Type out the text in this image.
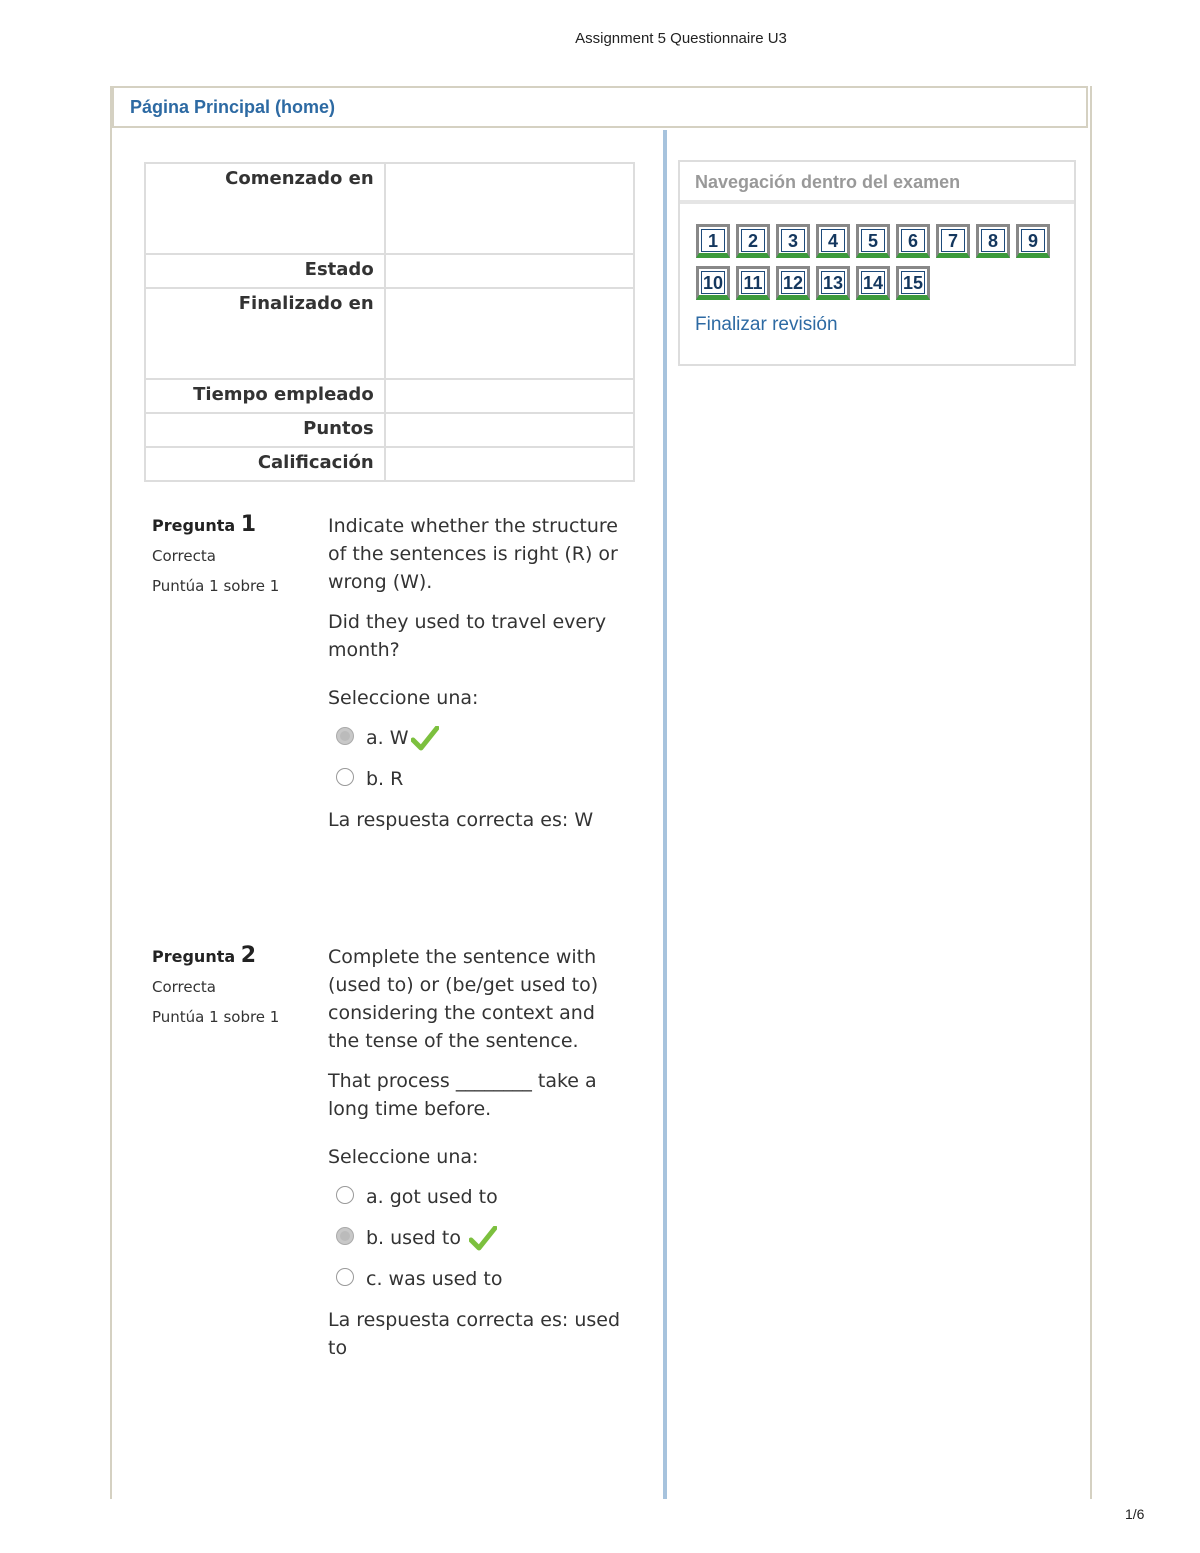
Assignment 5 Questionnaire U3
Página Principal (home)
Comenzado en	
Estado	
Finalizado en	
Tiempo empleado	
Puntos	
Calificación	
Pregunta 1
Correcta
Puntúa 1 sobre 1

Indicate whether the structure of the sentences is right (R) or wrong (W).

Did they used to travel every month?

Seleccione una:

a. W
b. R

La respuesta correcta es: W

Pregunta 2
Correcta
Puntúa 1 sobre 1

Complete the sentence with (used to) or (be/get used to) considering the context and the tense of the sentence.

That process ________ take a long time before.

Seleccione una:

a. got used to
b. used to
c. was used to

La respuesta correcta es: used to

Navegación dentro del examen
1	2	3	4	5	6	7	8	9
10 11 12 13 14 15
Finalizar revisión
1/6
